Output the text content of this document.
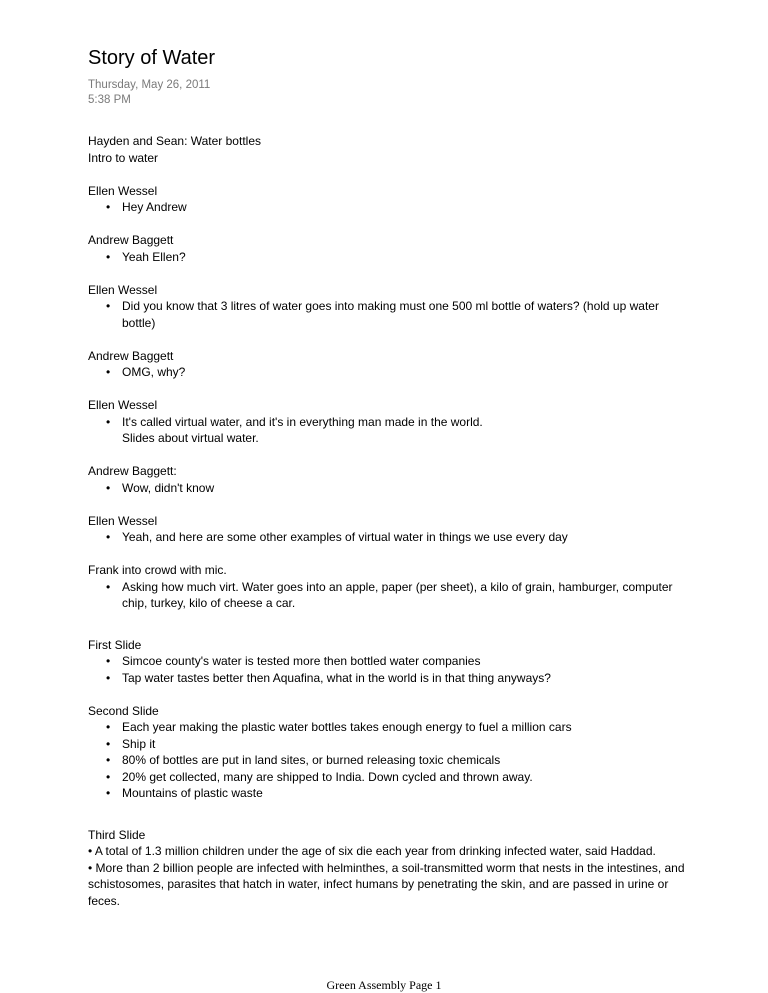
Story of Water
Thursday, May 26, 2011
5:38 PM

Hayden and Sean: Water bottles

Intro to water

Ellen Wessel

• Hey Andrew

Andrew Baggett

• Yeah Ellen?

Ellen Wessel

• Did you know that 3 litres of water goes into making must one 500 ml bottle of waters? (hold up water bottle)

Andrew Baggett

• OMG, why?

Ellen Wessel

• It's called virtual water, and it's in everything man made in the world.

Slides about virtual water.

Andrew Baggett:

• Wow, didn't know

Ellen Wessel

• Yeah, and here are some other examples of virtual water in things we use every day

Frank into crowd with mic.

• Asking how much virt. Water goes into an apple, paper (per sheet), a kilo of grain, hamburger, computer chip, turkey, kilo of cheese a car.

First Slide

• Simcoe county's water is tested more then bottled water companies
• Tap water tastes better then Aquafina, what in the world is in that thing anyways?

Second Slide

• Each year making the plastic water bottles takes enough energy to fuel a million cars
• Ship it
• 80% of bottles are put in land sites, or burned releasing toxic chemicals
• 20% get collected, many are shipped to India. Down cycled and thrown away.
• Mountains of plastic waste

Third Slide

• A total of 1.3 million children under the age of six die each year from drinking infected water, said Haddad.

• More than 2 billion people are infected with helminthes, a soil-transmitted worm that nests in the intestines, and schistosomes, parasites that hatch in water, infect humans by penetrating the skin, and are passed in urine or feces.

Green Assembly Page 1
